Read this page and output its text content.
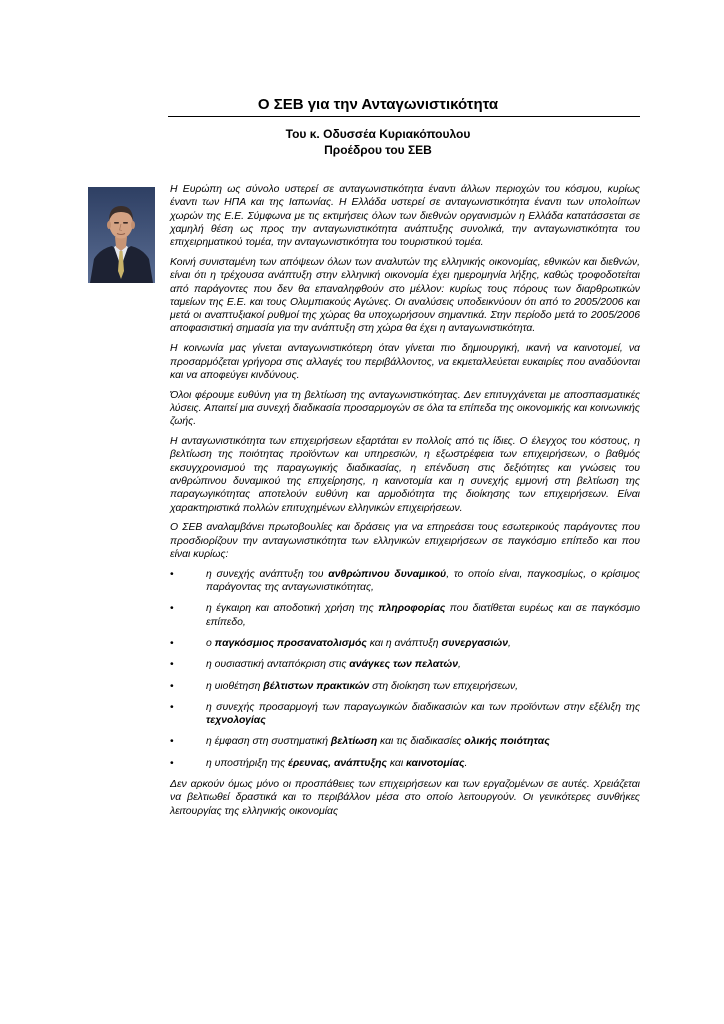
Ο ΣΕΒ για την Ανταγωνιστικότητα
Του κ. Οδυσσέα Κυριακόπουλου
Προέδρου του ΣΕΒ

Η Ευρώπη ως σύνολο υστερεί σε ανταγωνιστικότητα έναντι άλλων περιοχών του κόσμου, κυρίως έναντι των ΗΠΑ και της Ιαπωνίας. Η Ελλάδα υστερεί σε ανταγωνιστικότητα έναντι των υπολοίπων χωρών της Ε.Ε. Σύμφωνα με τις εκτιμήσεις όλων των διεθνών οργανισμών η Ελλάδα κατατάσσεται σε χαμηλή θέση ως προς την ανταγωνιστικότητα ανάπτυξης συνολικά, την ανταγωνιστικότητα του επιχειρηματικού τομέα, την ανταγωνιστικότητα του τουριστικού τομέα.

Κοινή συνισταμένη των απόψεων όλων των αναλυτών της ελληνικής οικονομίας, εθνικών και διεθνών, είναι ότι η τρέχουσα ανάπτυξη στην ελληνική οικονομία έχει ημερομηνία λήξης, καθώς τροφοδοτείται από παράγοντες που δεν θα επαναληφθούν στο μέλλον: κυρίως τους πόρους των διαρθρωτικών ταμείων της Ε.Ε. και τους Ολυμπιακούς Αγώνες. Οι αναλύσεις υποδεικνύουν ότι από το 2005/2006 και μετά οι αναπτυξιακοί ρυθμοί της χώρας θα υποχωρήσουν σημαντικά. Στην περίοδο μετά το 2005/2006 αποφασιστική σημασία για την ανάπτυξη στη χώρα θα έχει η ανταγωνιστικότητα.

Η κοινωνία μας γίνεται ανταγωνιστικότερη όταν γίνεται πιο δημιουργική, ικανή να καινοτομεί, να προσαρμόζεται γρήγορα στις αλλαγές του περιβάλλοντος, να εκμεταλλεύεται ευκαιρίες που αναδύονται και να αποφεύγει κινδύνους.

Όλοι φέρουμε ευθύνη για τη βελτίωση της ανταγωνιστικότητας. Δεν επιτυγχάνεται με αποσπασματικές λύσεις. Απαιτεί μια συνεχή διαδικασία προσαρμογών σε όλα τα επίπεδα της οικονομικής και κοινωνικής ζωής.

Η ανταγωνιστικότητα των επιχειρήσεων εξαρτάται εν πολλοίς από τις ίδιες. Ο έλεγχος του κόστους, η βελτίωση της ποιότητας προϊόντων και υπηρεσιών, η εξωστρέφεια των επιχειρήσεων, ο βαθμός εκσυγχρονισμού της παραγωγικής διαδικασίας, η επένδυση στις δεξιότητες και γνώσεις του ανθρώπινου δυναμικού της επιχείρησης, η καινοτομία και η συνεχής εμμονή στη βελτίωση της παραγωγικότητας αποτελούν ευθύνη και αρμοδιότητα της διοίκησης των επιχειρήσεων. Είναι χαρακτηριστικά πολλών επιτυχημένων ελληνικών επιχειρήσεων.

Ο ΣΕΒ αναλαμβάνει πρωτοβουλίες και δράσεις για να επηρεάσει τους εσωτερικούς παράγοντες που προσδιορίζουν την ανταγωνιστικότητα των ελληνικών επιχειρήσεων σε παγκόσμιο επίπεδο και που είναι κυρίως:

•	η συνεχής ανάπτυξη του ανθρώπινου δυναμικού, το οποίο είναι, παγκοσμίως, ο κρίσιμος παράγοντας της ανταγωνιστικότητας,
•	η έγκαιρη και αποδοτική χρήση της πληροφορίας που διατίθεται ευρέως και σε παγκόσμιο επίπεδο,
•	ο παγκόσμιος προσανατολισμός και η ανάπτυξη συνεργασιών,
•	η ουσιαστική ανταπόκριση στις ανάγκες των πελατών,
•	η υιοθέτηση βέλτιστων πρακτικών στη διοίκηση των επιχειρήσεων,
•	η συνεχής προσαρμογή των παραγωγικών διαδικασιών και των προϊόντων στην εξέλιξη της τεχνολογίας
•	η έμφαση στη συστηματική βελτίωση και τις διαδικασίες ολικής ποιότητας
•	η υποστήριξη της έρευνας, ανάπτυξης και καινοτομίας.

Δεν αρκούν όμως μόνο οι προσπάθειες των επιχειρήσεων και των εργαζομένων σε αυτές. Χρειάζεται να βελτιωθεί δραστικά και το περιβάλλον μέσα στο οποίο λειτουργούν. Οι γενικότερες συνθήκες λειτουργίας της ελληνικής οικονομίας
